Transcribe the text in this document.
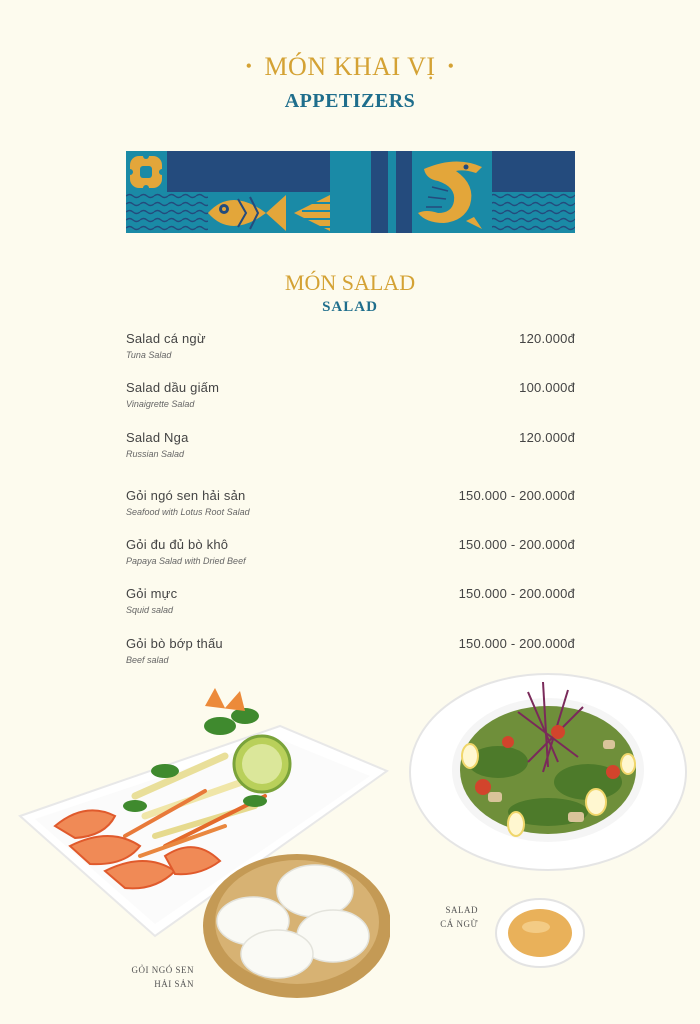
• MÓN KHAI VỊ •
APPETIZERS
MÓN SALAD
SALAD
Salad cá ngừ
Tuna Salad
120.000đ
Salad dầu giấm
Vinaigrette Salad
100.000đ
Salad Nga
Russian Salad
120.000đ
Gỏi ngó sen hải sản
Seafood with Lotus Root Salad
150.000 - 200.000đ
Gỏi đu đủ bò khô
Papaya Salad with Dried Beef
150.000 - 200.000đ
Gỏi mực
Squid salad
150.000 - 200.000đ
Gỏi bò bớp thấu
Beef salad
150.000 - 200.000đ
GỎI NGÓ SEN
HẢI SẢN
SALAD
CÁ NGỪ
